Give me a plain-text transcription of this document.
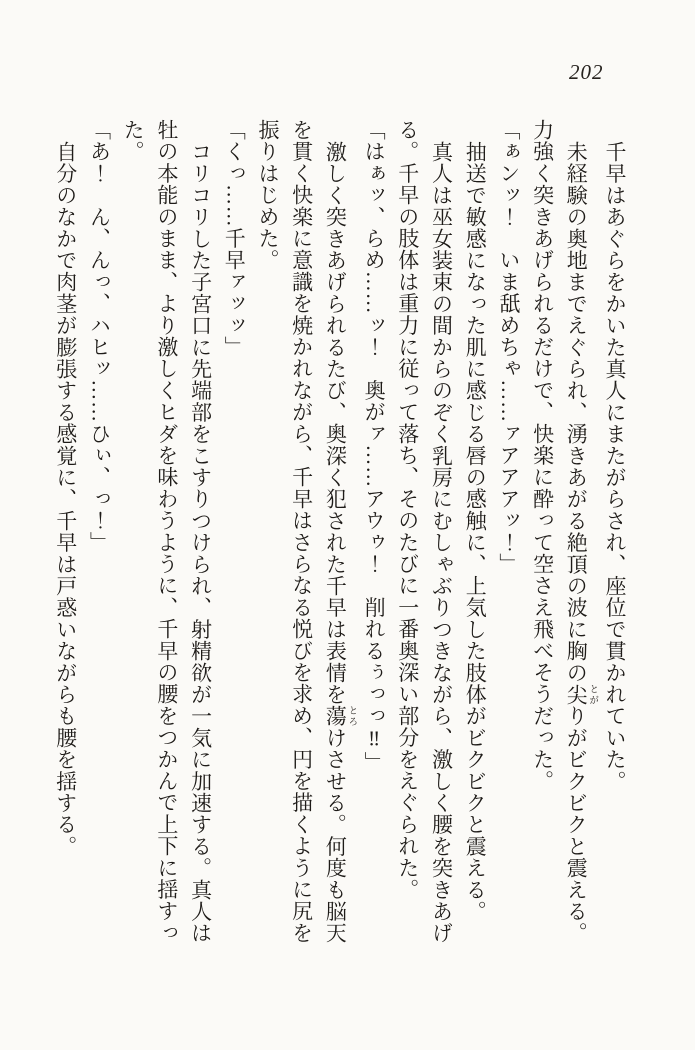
202
千早はあぐらをかいた真人にまたがらされ、座位で貫かれていた。
未経験の奥地までえぐられ、湧きあがる絶頂の波に胸の尖 とがりがビクビクと震える。
力強く突きあげられるだけで、快楽に酔って空さえ飛べそうだった。
「ぁンッ！　いま舐めちゃ……ァアアアッ！」
抽送で敏感になった肌に感じる唇の感触に、上気した肢体がビクビクと震える。
真人は巫女装束の間からのぞく乳房にむしゃぶりつきながら、激しく腰を突きあげ
る。千早の肢体は重力に従って落ち、そのたびに一番奥深い部分をえぐられた。
「はぁッ、らめ……ッ！　奥がァ……アウゥ！　削れるぅっっ‼」
激しく突きあげられるたび、奥深く犯された千早は表情を蕩 とろけさせる。何度も脳天
を貫く快楽に意識を焼かれながら、千早はさらなる悦びを求め、円を描くように尻を
振りはじめた。
「くっ……千早ァッッ」
コリコリした子宮口に先端部をこすりつけられ、射精欲が一気に加速する。真人は
牡の本能のまま、より激しくヒダを味わうように、千早の腰をつかんで上下に揺すっ
た。
「あ！　ん、んっ、ハヒッ……ひぃ、っ！」
自分のなかで肉茎が膨張する感覚に、千早は戸惑いながらも腰を揺する。
